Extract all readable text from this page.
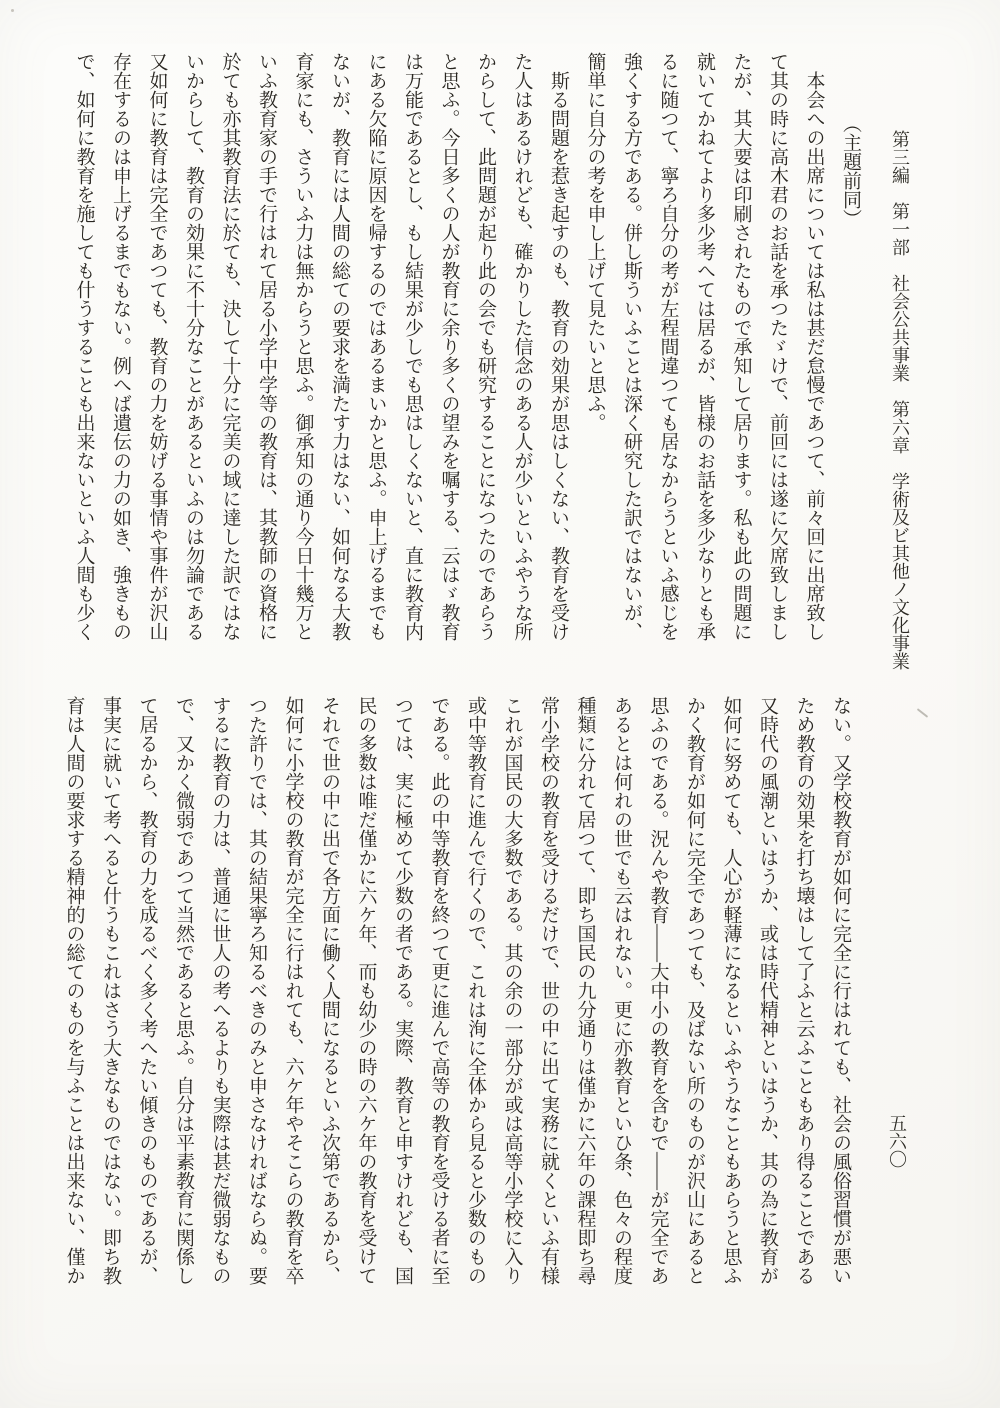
第三編　第一部　社会公共事業　第六章　学術及ビ其他ノ文化事業
五六〇
（主題前同）
　本会への出席については私は甚だ怠慢であつて、前々回に出席致し
て其の時に高木君のお話を承つたゞけで、前回には遂に欠席致しまし
たが、其大要は印刷されたもので承知して居ります。私も此の問題に
就いてかねてより多少考へては居るが、皆様のお話を多少なりとも承
るに随つて、寧ろ自分の考が左程間違つても居なからうといふ感じを
強くする方である。併し斯ういふことは深く研究した訳ではないが、
簡単に自分の考を申し上げて見たいと思ふ。
　斯る問題を惹き起すのも、教育の効果が思はしくない、教育を受け
た人はあるけれども、確かりした信念のある人が少いといふやうな所
からして、此問題が起り此の会でも研究することになつたのであらう
と思ふ。今日多くの人が教育に余り多くの望みを嘱する、云はゞ教育
は万能であるとし、もし結果が少しでも思はしくないと、直に教育内
にある欠陥に原因を帰するのではあるまいかと思ふ。申上げるまでも
ないが、教育には人間の総ての要求を満たす力はない、如何なる大教
育家にも、さういふ力は無からうと思ふ。御承知の通り今日十幾万と
いふ教育家の手で行はれて居る小学中学等の教育は、其教師の資格に
於ても亦其教育法に於ても、決して十分に完美の域に達した訳ではな
いからして、教育の効果に不十分なことがあるといふのは勿論である
又如何に教育は完全であつても、教育の力を妨げる事情や事件が沢山
存在するのは申上げるまでもない。例へば遺伝の力の如き、強きもの
で、如何に教育を施しても什うすることも出来ないといふ人間も少く
ない。又学校教育が如何に完全に行はれても、社会の風俗習慣が悪い
ため教育の効果を打ち壊はして了ふと云ふこともあり得ることである
又時代の風潮といはうか、或は時代精神といはうか、其の為に教育が
如何に努めても、人心が軽薄になるといふやうなこともあらうと思ふ
かく教育が如何に完全であつても、及ばない所のものが沢山にあると
思ふのである。況んや教育――大中小の教育を含むで――が完全であ
あるとは何れの世でも云はれない。更に亦教育といひ条、色々の程度
種類に分れて居つて、即ち国民の九分通りは僅かに六年の課程即ち尋
常小学校の教育を受けるだけで、世の中に出て実務に就くといふ有様
これが国民の大多数である。其の余の一部分が或は高等小学校に入り
或中等教育に進んで行くので、これは洵に全体から見ると少数のもの
である。此の中等教育を終つて更に進んで高等の教育を受ける者に至
つては、実に極めて少数の者である。実際、教育と申すけれども、国
民の多数は唯だ僅かに六ケ年、而も幼少の時の六ケ年の教育を受けて
それで世の中に出で各方面に働く人間になるといふ次第であるから、
如何に小学校の教育が完全に行はれても、六ケ年やそこらの教育を卒
つた許りでは、其の結果寧ろ知るべきのみと申さなければならぬ。要
するに教育の力は、普通に世人の考へるよりも実際は甚だ微弱なもの
で、又かく微弱であつて当然であると思ふ。自分は平素教育に関係し
て居るから、教育の力を成るべく多く考へたい傾きのものであるが、
事実に就いて考へると什うもこれはさう大きなものではない。即ち教
育は人間の要求する精神的の総てのものを与ふことは出来ない、僅か
